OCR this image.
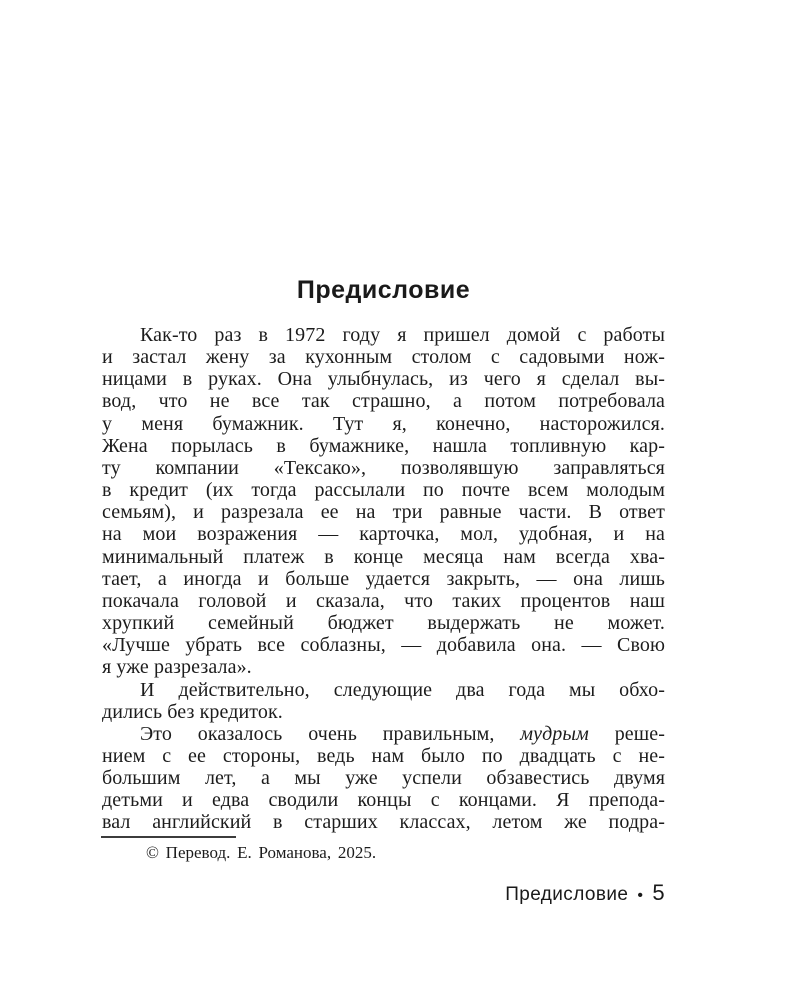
Предисловие
Как-то раз в 1972 году я пришел домой с работы
и застал жену за кухонным столом с садовыми нож-
ницами в руках. Она улыбнулась, из чего я сделал вы-
вод, что не все так страшно, а потом потребовала
у меня бумажник. Тут я, конечно, насторожился.
Жена порылась в бумажнике, нашла топливную кар-
ту компании «Тексако», позволявшую заправляться
в кредит (их тогда рассылали по почте всем молодым
семьям), и разрезала ее на три равные части. В ответ
на мои возражения — карточка, мол, удобная, и на
минимальный платеж в конце месяца нам всегда хва-
тает, а иногда и больше удается закрыть, — она лишь
покачала головой и сказала, что таких процентов наш
хрупкий семейный бюджет выдержать не может.
«Лучше убрать все соблазны, — добавила она. — Свою
я уже разрезала».
И действительно, следующие два года мы обхо-
дились без кредиток.
Это оказалось очень правильным, мудрым реше-
нием с ее стороны, ведь нам было по двадцать с не-
большим лет, а мы уже успели обзавестись двумя
детьми и едва сводили концы с концами. Я препода-
вал английский в старших классах, летом же подра-
© Перевод. Е. Романова, 2025.
Предисловие • 5
